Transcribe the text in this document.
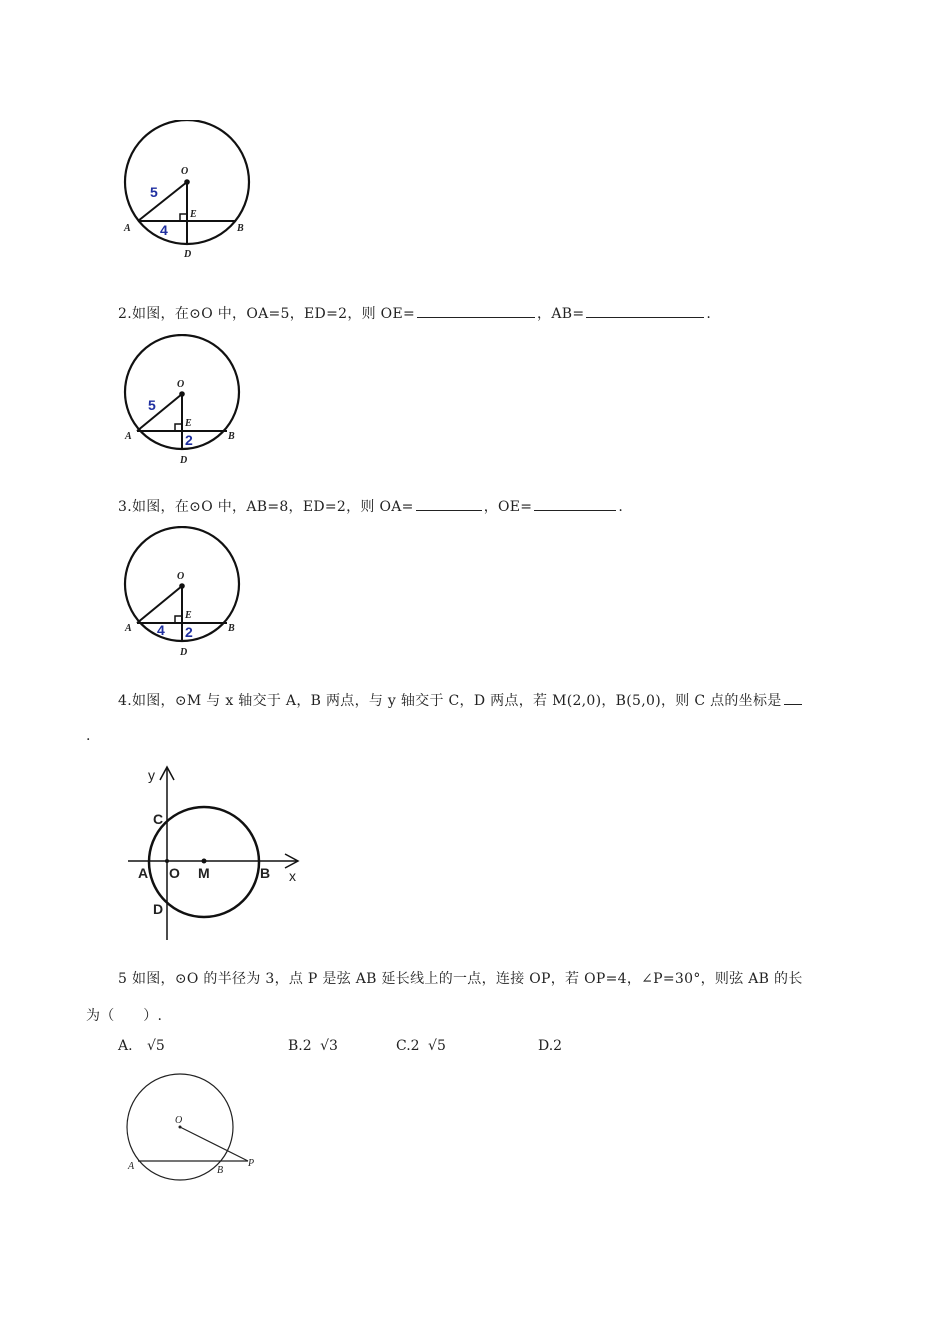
O
A	B
E
D
5
4
2.如图，在⊙O 中，OA=5，ED=2，则 OE=	，AB=	.
O
A	B
E
D
5
2
3.如图，在⊙O 中，AB=8，ED=2，则 OA=	，OE=	.
O
A	B
E
D
4 2
4.如图，⊙M 与 x 轴交于 A，B 两点，与 y 轴交于 C，D 两点，若 M(2,0)，B(5,0)，则 C 点的坐标是
.
y
x
C
A O M	B
D
5 如图，⊙O 的半径为 3，点 P 是弦 AB 延长线上的一点，连接 OP，若 OP=4，∠P=30°，则弦 AB 的长
为（　　）.
A. √5	B.2 √3	C.2 √5	D.2
O
A	B
P
